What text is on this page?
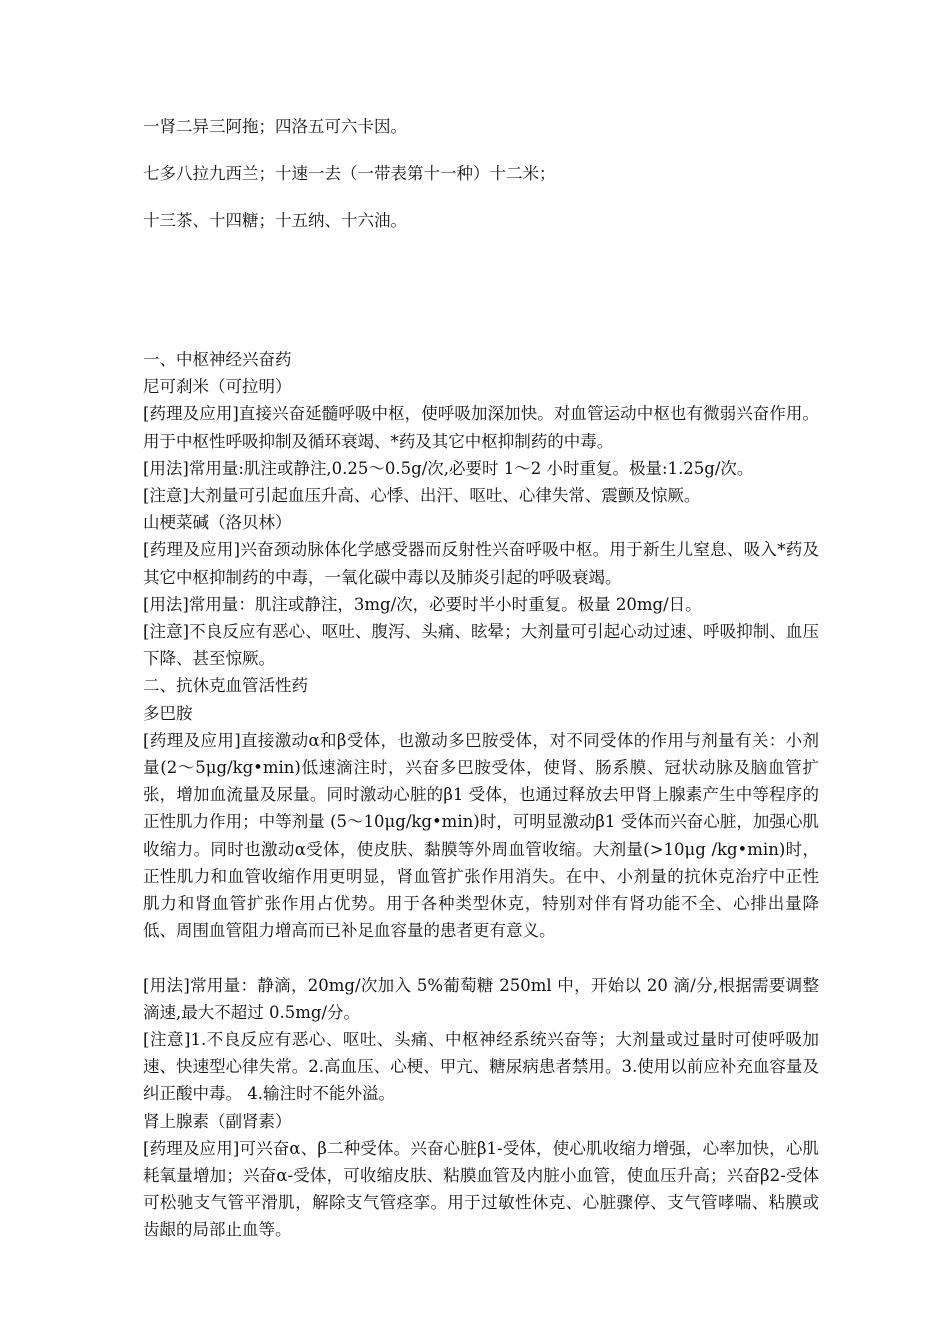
一肾二异三阿拖；四洛五可六卡因。

七多八拉九西兰；十速一去（一带表第十一种）十二米；

十三茶、十四糖；十五纳、十六油。

一、中枢神经兴奋药

尼可刹米（可拉明）

[药理及应用]直接兴奋延髓呼吸中枢，使呼吸加深加快。对血管运动中枢也有微弱兴奋作用。用于中枢性呼吸抑制及循环衰竭、*药及其它中枢抑制药的中毒。

[用法]常用量:肌注或静注,0.25～0.5g/次,必要时 1～2 小时重复。极量:1.25g/次。

[注意]大剂量可引起血压升高、心悸、出汗、呕吐、心律失常、震颤及惊厥。

山梗菜碱（洛贝林）

[药理及应用]兴奋颈动脉体化学感受器而反射性兴奋呼吸中枢。用于新生儿窒息、吸入*药及其它中枢抑制药的中毒，一氧化碳中毒以及肺炎引起的呼吸衰竭。

[用法]常用量：肌注或静注，3mg/次，必要时半小时重复。极量 20mg/日。

[注意]不良反应有恶心、呕吐、腹泻、头痛、眩晕；大剂量可引起心动过速、呼吸抑制、血压下降、甚至惊厥。

二、抗休克血管活性药

多巴胺

[药理及应用]直接激动α和β受体，也激动多巴胺受体，对不同受体的作用与剂量有关：小剂量(2～5μg/kg•min)低速滴注时，兴奋多巴胺受体，使肾、肠系膜、冠状动脉及脑血管扩张，增加血流量及尿量。同时激动心脏的β1 受体，也通过释放去甲肾上腺素产生中等程序的正性肌力作用；中等剂量 (5～10μg/kg•min)时，可明显激动β1 受体而兴奋心脏，加强心肌收缩力。同时也激动α受体，使皮肤、黏膜等外周血管收缩。大剂量(>10μg /kg•min)时，正性肌力和血管收缩作用更明显，肾血管扩张作用消失。在中、小剂量的抗休克治疗中正性肌力和肾血管扩张作用占优势。用于各种类型休克，特别对伴有肾功能不全、心排出量降低、周围血管阻力增高而已补足血容量的患者更有意义。

[用法]常用量：静滴，20mg/次加入 5%葡萄糖 250ml 中，开始以 20 滴/分,根据需要调整滴速,最大不超过 0.5mg/分。

[注意]1.不良反应有恶心、呕吐、头痛、中枢神经系统兴奋等；大剂量或过量时可使呼吸加速、快速型心律失常。2.高血压、心梗、甲亢、糖尿病患者禁用。3.使用以前应补充血容量及纠正酸中毒。 4.输注时不能外溢。

肾上腺素（副肾素）

[药理及应用]可兴奋α、β二种受体。兴奋心脏β1-受体，使心肌收缩力增强，心率加快，心肌耗氧量增加；兴奋α-受体，可收缩皮肤、粘膜血管及内脏小血管，使血压升高；兴奋β2-受体可松驰支气管平滑肌，解除支气管痉挛。用于过敏性休克、心脏骤停、支气管哮喘、粘膜或齿龈的局部止血等。
